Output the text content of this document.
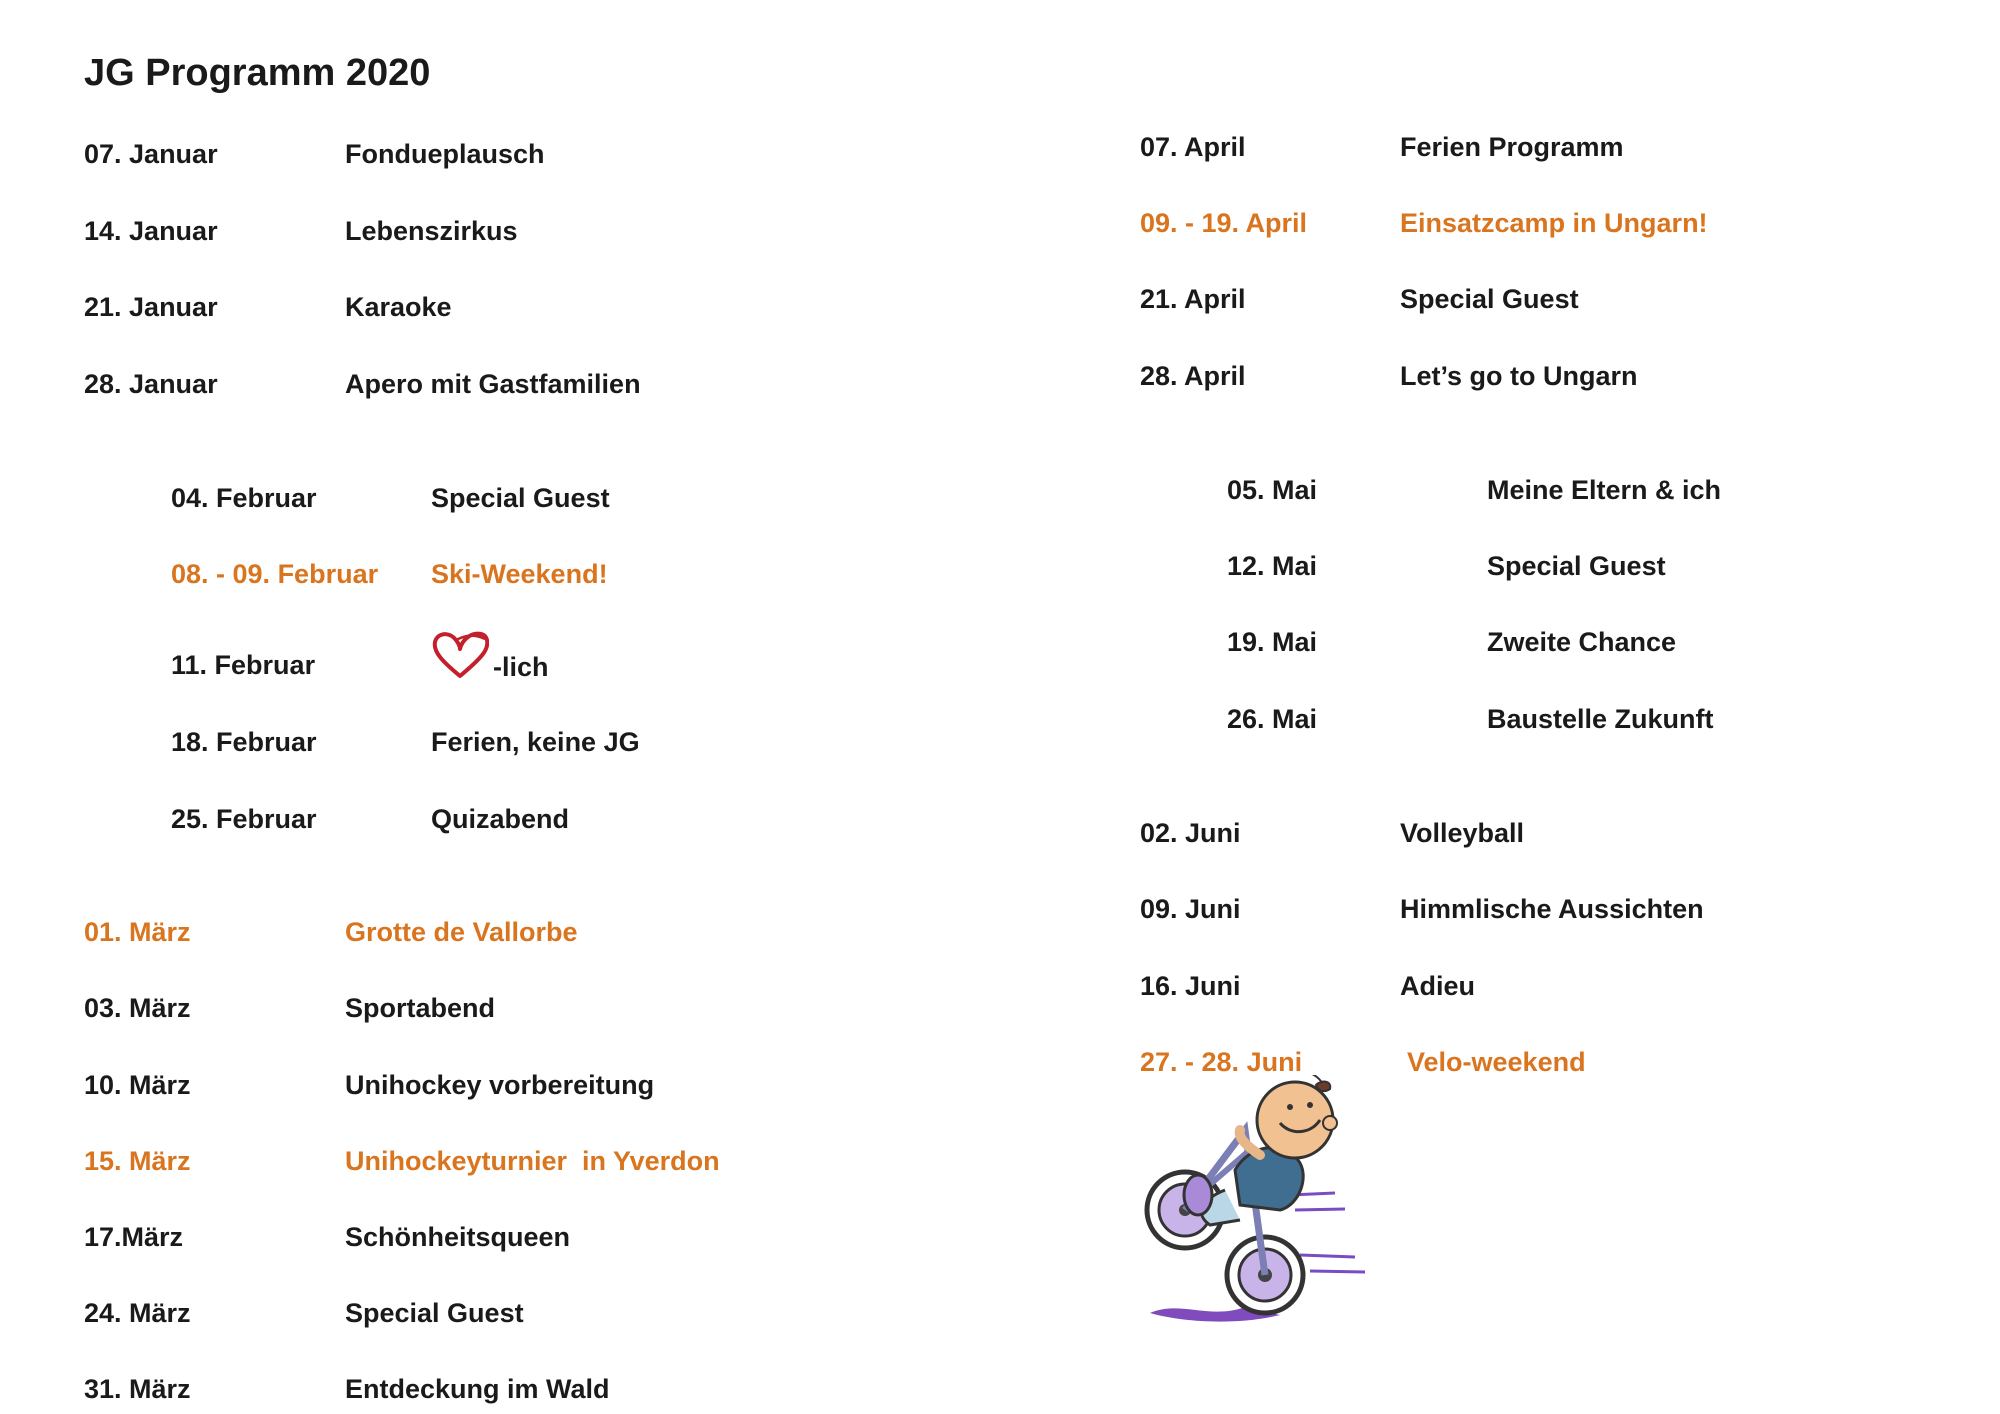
JG Programm 2020
07. Januar	Fondueplausch
14. Januar	Lebenszirkus
21. Januar	Karaoke
28. Januar	Apero mit Gastfamilien
04. Februar	Special Guest
08. - 09. Februar Ski-Weekend!
11. Februar	-lich
18. Februar	Ferien, keine JG
25. Februar	Quizabend
01. März	Grotte de Vallorbe
03. März	Sportabend
10. März	Unihockey vorbereitung
15. März	Unihockeyturnier  in Yverdon
17.März	Schönheitsqueen
24. März	Special Guest
31. März	Entdeckung im Wald
07. April	Ferien Programm
09. - 19. April	Einsatzcamp in Ungarn!
21. April	Special Guest
28. April	Let’s go to Ungarn
05. Mai	Meine Eltern & ich
12. Mai	Special Guest
19. Mai	Zweite Chance
26. Mai	Baustelle Zukunft
02. Juni	Volleyball
09. Juni	Himmlische Aussichten
16. Juni	Adieu
27. - 28. Juni	Velo-weekend
